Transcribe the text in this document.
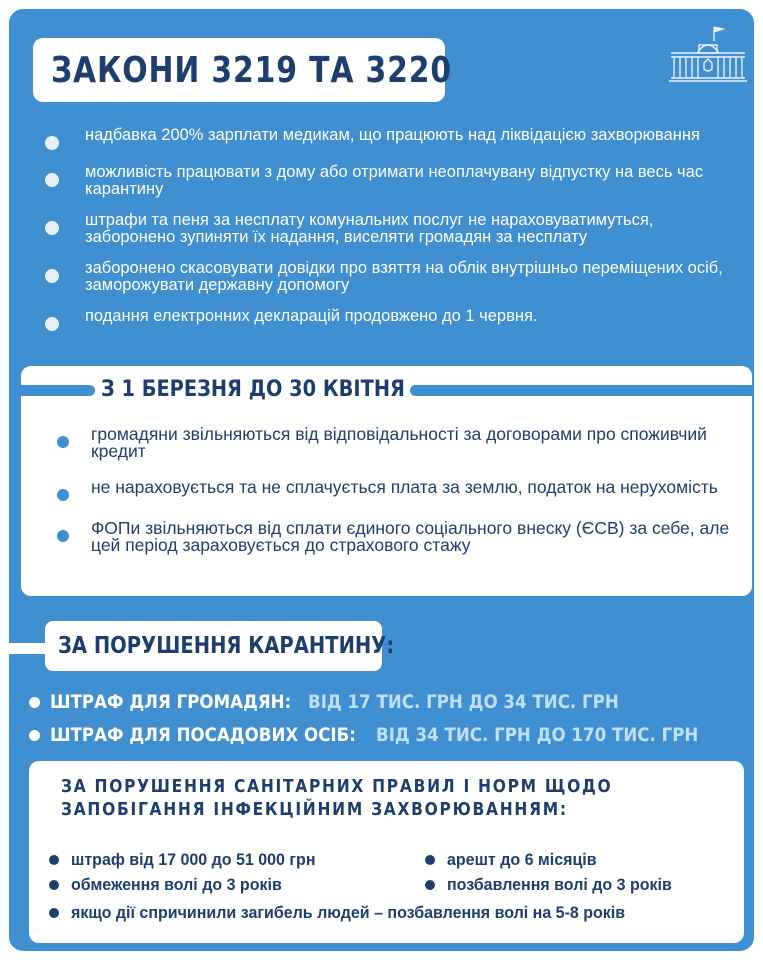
ЗАКОНИ 3219 ТА 3220
надбавка 200% зарплати медикам, що працюють над ліквідацією захворювання
можливість працювати з дому або отримати неоплачувану відпустку на весь час карантину
штрафи та пеня за несплату комунальних послуг не нараховуватимуться, заборонено зупиняти їх надання, виселяти громадян за несплату
заборонено скасовувати довідки про взяття на облік внутрішньо переміщених осіб, заморожувати державну допомогу
подання електронних декларацій продовжено до 1 червня.
З 1 БЕРЕЗНЯ ДО 30 КВІТНЯ
громадяни звільняються від відповідальності за договорами про споживчий кредит
не нараховується та не сплачується плата за землю, податок на нерухомість
ФОПи звільняються від сплати єдиного соціального внеску (ЄСВ) за себе, але цей період зараховується до страхового стажу
ЗА ПОРУШЕННЯ КАРАНТИНУ:
ШТРАФ ДЛЯ ГРОМАДЯН: ВІД 17 ТИС. ГРН ДО 34 ТИС. ГРН
ШТРАФ ДЛЯ ПОСАДОВИХ ОСІБ: ВІД 34 ТИС. ГРН ДО 170 ТИС. ГРН
ЗА ПОРУШЕННЯ САНІТАРНИХ ПРАВИЛ І НОРМ ЩОДО ЗАПОБІГАННЯ ІНФЕКЦІЙНИМ ЗАХВОРЮВАННЯМ:
штраф від 17 000 до 51 000 грн	арешт до 6 місяців
обмеження волі до 3 років	позбавлення волі до 3 років
якщо дії спричинили загибель людей – позбавлення волі на 5-8 років
